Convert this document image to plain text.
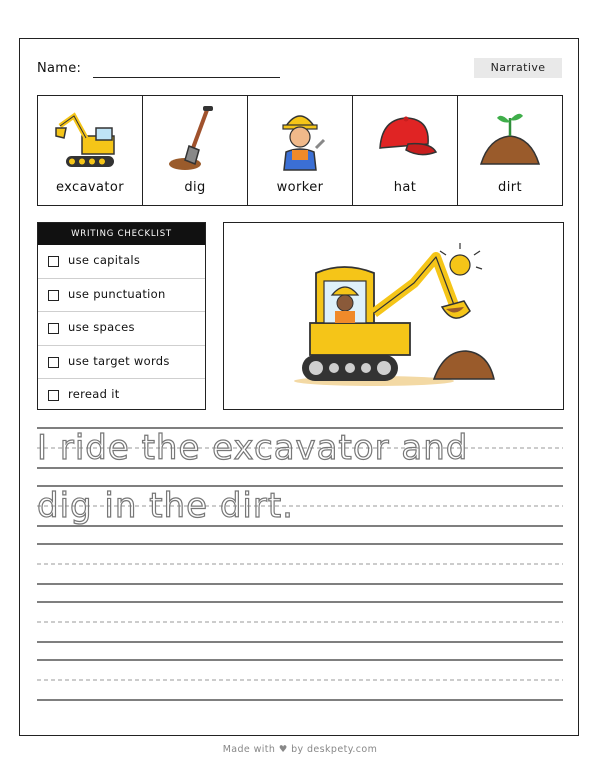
Name:	Narrative
excavator	dig	worker	hat	dirt
WRITING CHECKLIST
use capitals
use punctuation
use spaces
use target words
reread it
I ride the excavator and
dig in the dirt.
Made with ♥ by deskpety.com
